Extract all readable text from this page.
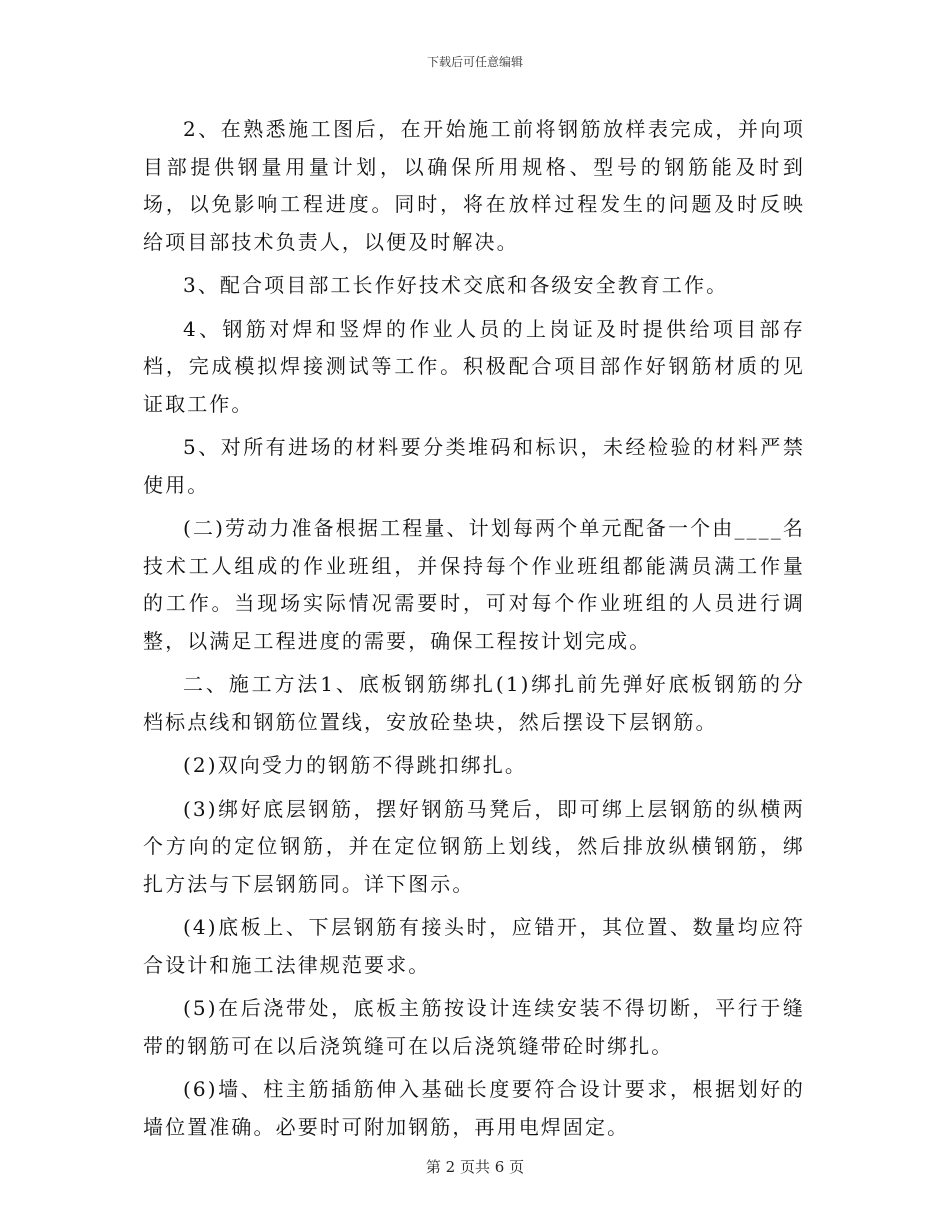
下载后可任意编辑

2、在熟悉施工图后，在开始施工前将钢筋放样表完成，并向项目部提供钢量用量计划，以确保所用规格、型号的钢筋能及时到场，以免影响工程进度。同时，将在放样过程发生的问题及时反映给项目部技术负责人，以便及时解决。

3、配合项目部工长作好技术交底和各级安全教育工作。

4、钢筋对焊和竖焊的作业人员的上岗证及时提供给项目部存档，完成模拟焊接测试等工作。积极配合项目部作好钢筋材质的见证取工作。

5、对所有进场的材料要分类堆码和标识，未经检验的材料严禁使用。

(二)劳动力准备根据工程量、计划每两个单元配备一个由____名技术工人组成的作业班组，并保持每个作业班组都能满员满工作量的工作。当现场实际情况需要时，可对每个作业班组的人员进行调整，以满足工程进度的需要，确保工程按计划完成。

二、施工方法1、底板钢筋绑扎(1)绑扎前先弹好底板钢筋的分档标点线和钢筋位置线，安放砼垫块，然后摆设下层钢筋。

(2)双向受力的钢筋不得跳扣绑扎。

(3)绑好底层钢筋，摆好钢筋马凳后，即可绑上层钢筋的纵横两个方向的定位钢筋，并在定位钢筋上划线，然后排放纵横钢筋，绑扎方法与下层钢筋同。详下图示。

(4)底板上、下层钢筋有接头时，应错开，其位置、数量均应符合设计和施工法律规范要求。

(5)在后浇带处，底板主筋按设计连续安装不得切断，平行于缝带的钢筋可在以后浇筑缝可在以后浇筑缝带砼时绑扎。

(6)墙、柱主筋插筋伸入基础长度要符合设计要求，根据划好的墙位置准确。必要时可附加钢筋，再用电焊固定。

第 2 页共 6 页
